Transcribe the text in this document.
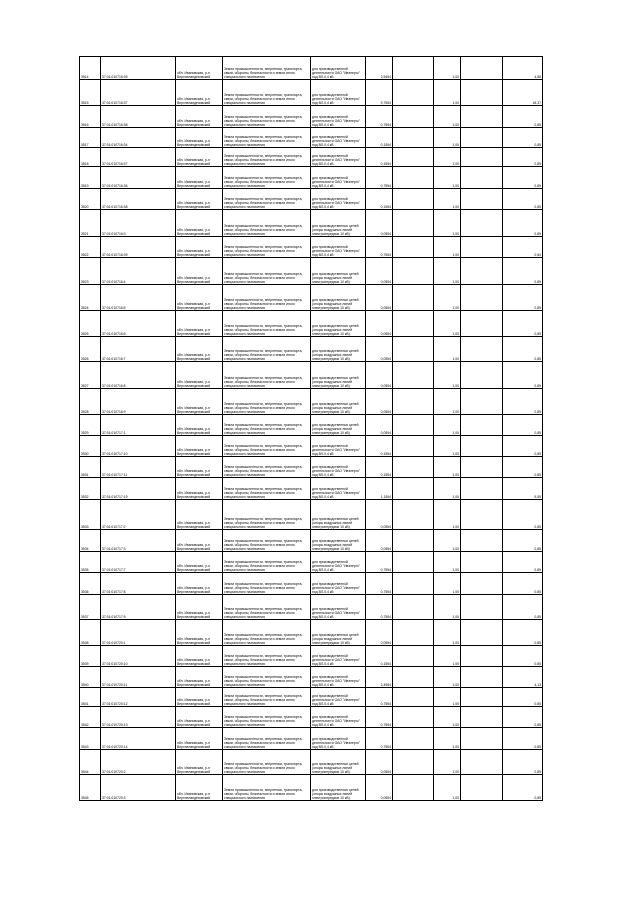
3514	37:01:010716:35	обл. Ивановская, р-н Верхнеландеховский	Земли промышленности, энергетики, транспорта, связи, обороны, безопасности и земли иного специального назначения	для производственной деятельности ОАО "Ивэнерго" под ВЛ-0,4 кВ	2,5454		1,00		4,86
3515	37:01:010716:37	обл. Ивановская, р-н Верхнеландеховский	Земли промышленности, энергетики, транспорта, связи, обороны, безопасности и земли иного специального назначения	для производственной деятельности ОАО "Ивэнерго" под ВЛ-0,4 кВ	9,7554		1,00		18,37
3516	37:01:010716:38	обл. Ивановская, р-н Верхнеландеховский	Земли промышленности, энергетики, транспорта, связи, обороны, безопасности и земли иного специального назначения	для производственной деятельности ОАО "Ивэнерго" под ВЛ-0,4 кВ	0,7554		1,00		0,85
3517	37:01:010716:34	обл. Ивановская, р-н Верхнеландеховский	Земли промышленности, энергетики, транспорта, связи, обороны, безопасности и земли иного специального назначения	для производственной деятельности ОАО "Ивэнерго" под ВЛ-0,4 кВ	0,1554		1,00		0,85
3518	37:01:010716:37	обл. Ивановская, р-н Верхнеландеховский	Земли промышленности, энергетики, транспорта, связи, обороны, безопасности и земли иного специального назначения	для производственной деятельности ОАО "Ивэнерго" под ВЛ-0,4 кВ	0,1554		1,00		0,85
3519	37:01:010716:36	обл. Ивановская, р-н Верхнеландеховский	Земли промышленности, энергетики, транспорта, связи, обороны, безопасности и земли иного специального назначения	для производственной деятельности ОАО "Ивэнерго" под ВЛ-0,4 кВ	0,7554		1,00		0,85
3520	37:01:010716:38	обл. Ивановская, р-н Верхнеландеховский	Земли промышленности, энергетики, транспорта, связи, обороны, безопасности и земли иного специального назначения	для производственной деятельности ОАО "Ивэнерго" под ВЛ-0,4 кВ	0,1554		1,00		0,85
3521	37:01:010716:3	обл. Ивановская, р-н Верхнеландеховский	Земли промышленности, энергетики, транспорта, связи, обороны, безопасности и земли иного специального назначения	для производственных целей (опоры воздушных линий электропередачи 10 кВ)	0,0554		1,00		0,85
3522	37:01:010716:39	обл. Ивановская, р-н Верхнеландеховский	Земли промышленности, энергетики, транспорта, связи, обороны, безопасности и земли иного специального назначения	для производственной деятельности ОАО "Ивэнерго" под ВЛ-0,4 кВ	0,7554		1,00		0,84
3523	37:01:010716:4	обл. Ивановская, р-н Верхнеландеховский	Земли промышленности, энергетики, транспорта, связи, обороны, безопасности и земли иного специального назначения	для производственных целей (опоры воздушных линий электропередачи 10 кВ)	0,0554		1,00		0,85
3524	37:01:010716:5	обл. Ивановская, р-н Верхнеландеховский	Земли промышленности, энергетики, транспорта, связи, обороны, безопасности и земли иного специального назначения	для производственных целей (опоры воздушных линий электропередачи 10 кВ)	0,0554		1,00		0,85
3525	37:01:010716:6	обл. Ивановская, р-н Верхнеландеховский	Земли промышленности, энергетики, транспорта, связи, обороны, безопасности и земли иного специального назначения	для производственных целей (опоры воздушных линий электропередачи 10 кВ)	0,0554		1,00		0,85
3526	37:01:010716:7	обл. Ивановская, р-н Верхнеландеховский	Земли промышленности, энергетики, транспорта, связи, обороны, безопасности и земли иного специального назначения	для производственных целей (опоры воздушных линий электропередачи 10 кВ)	0,0554		1,00		0,85
3527	37:01:010716:8	обл. Ивановская, р-н Верхнеландеховский	Земли промышленности, энергетики, транспорта, связи, обороны, безопасности и земли иного специального назначения	для производственных целей (опоры воздушных линий электропередачи 10 кВ)	0,0554		1,00		0,85
3528	37:01:010716:9	обл. Ивановская, р-н Верхнеландеховский	Земли промышленности, энергетики, транспорта, связи, обороны, безопасности и земли иного специального назначения	для производственных целей (опоры воздушных линий электропередачи 10 кВ)	0,0554		1,00		0,85
3529	37:01:010717:1	обл. Ивановская, р-н Верхнеландеховский	Земли промышленности, энергетики, транспорта, связи, обороны, безопасности и земли иного специального назначения	для производственных целей (опоры воздушных линий электропередачи 10 кВ)	0,0554		1,00		0,85
3530	37:01:010717:10	обл. Ивановская, р-н Верхнеландеховский	Земли промышленности, энергетики, транспорта, связи, обороны, безопасности и земли иного специального назначения	для производственной деятельности ОАО "Ивэнерго" под ВЛ-0,4 кВ	0,1554		1,00		0,85
3531	37:01:010717:11	обл. Ивановская, р-н Верхнеландеховский	Земли промышленности, энергетики, транспорта, связи, обороны, безопасности и земли иного специального назначения	для производственной деятельности ОАО "Ивэнерго" под ВЛ-0,4 кВ	0,1554		1,00		0,85
3532	37:01:010717:19	обл. Ивановская, р-н Верхнеландеховский	Земли промышленности, энергетики, транспорта, связи, обороны, безопасности и земли иного специального назначения	для производственной деятельности ОАО "Ивэнерго" под ВЛ-0,4 кВ	1,1554		1,00		9,55
3533	37:01:010717:2	обл. Ивановская, р-н Верхнеландеховский	Земли промышленности, энергетики, транспорта, связи, обороны, безопасности и земли иного специального назначения	для производственных целей (опоры воздушных линий электропередачи 10 кВ)	0,0554		1,00		0,85
3534	37:01:010717:3	обл. Ивановская, р-н Верхнеландеховский	Земли промышленности, энергетики, транспорта, связи, обороны, безопасности и земли иного специального назначения	для производственных целей (опоры воздушных линий электропередачи 10 кВ)	0,0554		1,00		0,85
3535	37:01:010717:7	обл. Ивановская, р-н Верхнеландеховский	Земли промышленности, энергетики, транспорта, связи, обороны, безопасности и земли иного специального назначения	для производственной деятельности ОАО "Ивэнерго" под ВЛ-0,4 кВ	0,7554		1,00		0,85
3536	37:01:010717:8	обл. Ивановская, р-н Верхнеландеховский	Земли промышленности, энергетики, транспорта, связи, обороны, безопасности и земли иного специального назначения	для производственной деятельности ОАО "Ивэнерго" под ВЛ-0,4 кВ	0,7554		1,00		0,85
3537	37:01:010717:9	обл. Ивановская, р-н Верхнеландеховский	Земли промышленности, энергетики, транспорта, связи, обороны, безопасности и земли иного специального назначения	для производственной деятельности ОАО "Ивэнерго" под ВЛ-0,4 кВ	0,7554		1,00		0,85
3538	37:01:010720:1	обл. Ивановская, р-н Верхнеландеховский	Земли промышленности, энергетики, транспорта, связи, обороны, безопасности и земли иного специального назначения	для производственных целей (опоры воздушных линий электропередачи 10 кВ)	0,0554		1,00		0,85
3539	37:01:010720:10	обл. Ивановская, р-н Верхнеландеховский	Земли промышленности, энергетики, транспорта, связи, обороны, безопасности и земли иного специального назначения	для производственной деятельности ОАО "Ивэнерго" под ВЛ-0,4 кВ	0,1554		1,00		0,85
3540	37:01:010720:11	обл. Ивановская, р-н Верхнеландеховский	Земли промышленности, энергетики, транспорта, связи, обороны, безопасности и земли иного специального назначения	для производственной деятельности ОАО "Ивэнерго" под ВЛ-0,4 кВ	2,4554		1,00		4,13
3541	37:01:010720:12	обл. Ивановская, р-н Верхнеландеховский	Земли промышленности, энергетики, транспорта, связи, обороны, безопасности и земли иного специального назначения	для производственной деятельности ОАО "Ивэнерго" под ВЛ-0,4 кВ	0,7554		1,00		0,85
3542	37:01:010720:13	обл. Ивановская, р-н Верхнеландеховский	Земли промышленности, энергетики, транспорта, связи, обороны, безопасности и земли иного специального назначения	для производственной деятельности ОАО "Ивэнерго" под ВЛ-0,4 кВ	0,7554		1,00		0,85
3543	37:01:010720:14	обл. Ивановская, р-н Верхнеландеховский	Земли промышленности, энергетики, транспорта, связи, обороны, безопасности и земли иного специального назначения	для производственной деятельности ОАО "Ивэнерго" под ВЛ-0,4 кВ	0,7554		1,00		0,85
3544	37:01:010720:2	обл. Ивановская, р-н Верхнеландеховский	Земли промышленности, энергетики, транспорта, связи, обороны, безопасности и земли иного специального назначения	для производственных целей (опоры воздушных линий электропередачи 10 кВ)	0,0554		1,00		0,85
3545	37:01:010720:3	обл. Ивановская, р-н Верхнеландеховский	Земли промышленности, энергетики, транспорта, связи, обороны, безопасности и земли иного специального назначения	для производственных целей (опоры воздушных линий электропередачи 10 кВ)	0,0554		1,00		0,85
